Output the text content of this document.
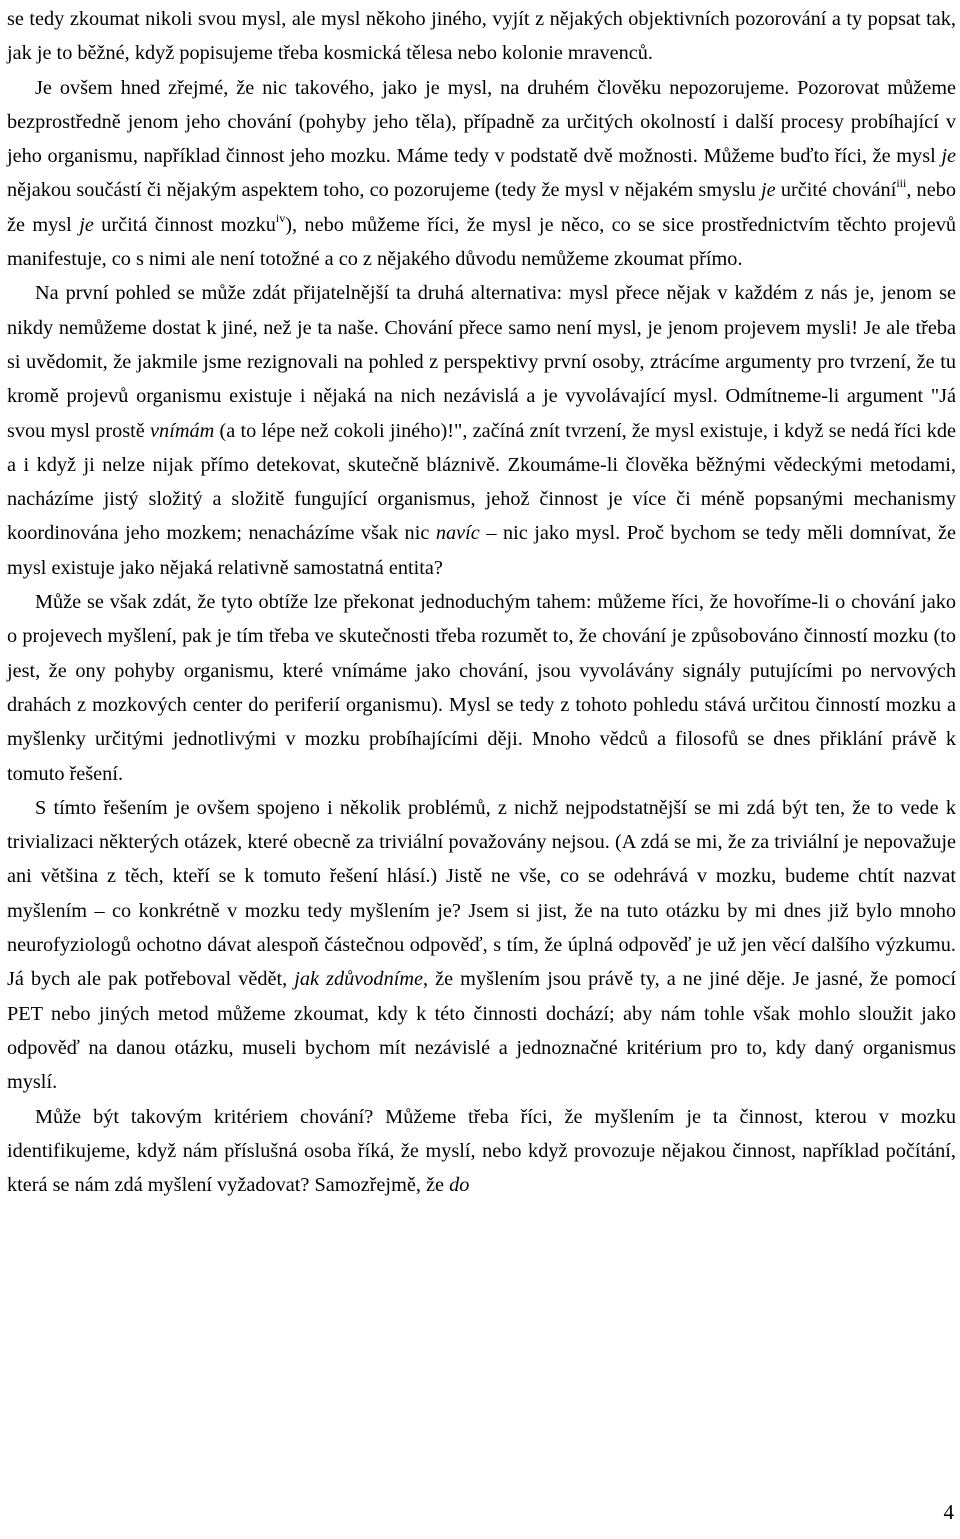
se tedy zkoumat nikoli svou mysl, ale mysl někoho jiného, vyjít z nějakých objektivních pozorování a ty popsat tak, jak je to běžné, když popisujeme třeba kosmická tělesa nebo kolonie mravenců.

Je ovšem hned zřejmé, že nic takového, jako je mysl, na druhém člověku nepozorujeme. Pozorovat můžeme bezprostředně jenom jeho chování (pohyby jeho těla), případně za určitých okolností i další procesy probíhající v jeho organismu, například činnost jeho mozku. Máme tedy v podstatě dvě možnosti. Můžeme buďto říci, že mysl je nějakou součástí či nějakým aspektem toho, co pozorujeme (tedy že mysl v nějakém smyslu je určité chování$^{iii}$, nebo že mysl je určitá činnost mozku$^{iv}$), nebo můžeme říci, že mysl je něco, co se sice prostřednictvím těchto projevů manifestuje, co s nimi ale není totožné a co z nějakého důvodu nemůžeme zkoumat přímo.

Na první pohled se může zdát přijatelnější ta druhá alternativa: mysl přece nějak v každém z nás je, jenom se nikdy nemůžeme dostat k jiné, než je ta naše. Chování přece samo není mysl, je jenom projevem mysli! Je ale třeba si uvědomit, že jakmile jsme rezignovali na pohled z perspektivy první osoby, ztrácíme argumenty pro tvrzení, že tu kromě projevů organismu existuje i nějaká na nich nezávislá a je vyvolávající mysl. Odmítneme-li argument "Já svou mysl prostě vnímám (a to lépe než cokoli jiného)!", začíná znít tvrzení, že mysl existuje, i když se nedá říci kde a i když ji nelze nijak přímo detekovat, skutečně bláznivě. Zkoumáme-li člověka běžnými vědeckými metodami, nacházíme jistý složitý a složitě fungující organismus, jehož činnost je více či méně popsanými mechanismy koordinována jeho mozkem; nenacházíme však nic navíc – nic jako mysl. Proč bychom se tedy měli domnívat, že mysl existuje jako nějaká relativně samostatná entita?

Může se však zdát, že tyto obtíže lze překonat jednoduchým tahem: můžeme říci, že hovoříme-li o chování jako o projevech myšlení, pak je tím třeba ve skutečnosti třeba rozumět to, že chování je způsobováno činností mozku (to jest, že ony pohyby organismu, které vnímáme jako chování, jsou vyvolávány signály putujícími po nervových drahách z mozkových center do periferií organismu). Mysl se tedy z tohoto pohledu stává určitou činností mozku a myšlenky určitými jednotlivými v mozku probíhajícími ději. Mnoho vědců a filosofů se dnes přiklání právě k tomuto řešení.

S tímto řešením je ovšem spojeno i několik problémů, z nichž nejpodstatnější se mi zdá být ten, že to vede k trivializaci některých otázek, které obecně za triviální považovány nejsou. (A zdá se mi, že za triviální je nepovažuje ani většina z těch, kteří se k tomuto řešení hlásí.) Jistě ne vše, co se odehrává v mozku, budeme chtít nazvat myšlením – co konkrétně v mozku tedy myšlením je? Jsem si jist, že na tuto otázku by mi dnes již bylo mnoho neurofyziologů ochotno dávat alespoň částečnou odpověď, s tím, že úplná odpověď je už jen věcí dalšího výzkumu. Já bych ale pak potřeboval vědět, jak zdůvodníme, že myšlením jsou právě ty, a ne jiné děje. Je jasné, že pomocí PET nebo jiných metod můžeme zkoumat, kdy k této činnosti dochází; aby nám tohle však mohlo sloužit jako odpověď na danou otázku, museli bychom mít nezávislé a jednoznačné kritérium pro to, kdy daný organismus myslí.

Může být takovým kritériem chování? Můžeme třeba říci, že myšlením je ta činnost, kterou v mozku identifikujeme, když nám příslušná osoba říká, že myslí, nebo když provozuje nějakou činnost, například počítání, která se nám zdá myšlení vyžadovat? Samozřejmě, že do

4
